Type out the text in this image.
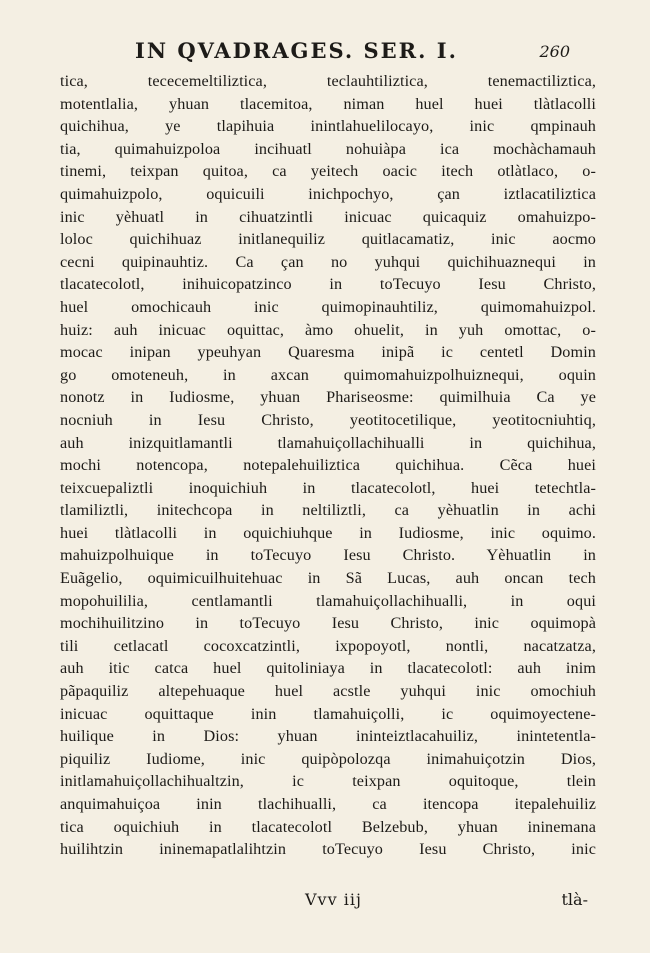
IN QVADRAGES. SER. I.	260
tica, tececemeltiliztica, teclauhtiliztica, tenemactiliztica,
motentlalia, yhuan tlacemitoa, niman huel huei tlàtlacolli
quichihua, ye tlapihuia inintlahuelilocayo, inic qmpinauh
tia, quimahuizpoloa incihuatl nohuiàpa ica mochàchamauh
tinemi, teixpan quitoa, ca yeitech oacic itech otlàtlaco, o-
quimahuizpolo, oquicuili inichpochyo, çan iztlacatiliztica
inic yèhuatl in cihuatzintli inicuac quicaquiz omahuizpo-
loloc quichihuaz initlanequiliz quitlacamatiz, inic aocmo
cecni quipinauhtiz. Ca çan no yuhqui quichihuaznequi in
tlacatecolotl, inihuicopatzinco in toTecuyo Iesu Christo,
huel omochicauh inic quimopinauhtiliz, quimomahuizpol.
huiz: auh inicuac oquittac, àmo ohuelit, in yuh omottac, o-
mocac inipan ypeuhyan Quaresma inipã ic centetl Domin
go omoteneuh, in axcan quimomahuizpolhuiznequi, oquin
nonotz in Iudiosme, yhuan Phariseosme: quimilhuia Ca ye
nocniuh in Iesu Christo, yeotitocetilique, yeotitocniuhtiq,
auh inizquitlamantli tlamahuiçollachihualli in quichihua,
mochi notencopa, notepalehuiliztica quichihua. Cẽca huei
teixcuepaliztli inoquichiuh in tlacatecolotl, huei tetechtla-
tlamiliztli, initechcopa in neltiliztli, ca yèhuatlin in achi
huei tlàtlacolli in oquichiuhque in Iudiosme, inic oquimo.
mahuizpolhuique in toTecuyo Iesu Christo. Yèhuatlin in
Euãgelio, oquimicuilhuitehuac in Sã Lucas, auh oncan tech
mopohuililia, centlamantli tlamahuiçollachihualli, in oqui
mochihuilitzino in toTecuyo Iesu Christo, inic oquimopà
tili cetlacatl cocoxcatzintli, ixpopoyotl, nontli, nacatzatza,
auh itic catca huel quitoliniaya in tlacatecolotl: auh inim
pãpaquiliz altepehuaque huel acstle yuhqui inic omochiuh
inicuac oquittaque inin tlamahuiçolli, ic oquimoyectene-
huilique in Dios: yhuan ininteiztlacahuiliz, inintetentla-
piquiliz Iudiome, inic quipòpolozqa inimahuiçotzin Dios,
initlamahuiçollachihualtzin, ic teixpan oquitoque, tlein
anquimahuiçoa inin tlachihualli, ca itencopa itepalehuiliz
tica oquichiuh in tlacatecolotl Belzebub, yhuan ininemana
huilihtzin ininemapatlalihtzin toTecuyo Iesu Christo, inic
Vvv iij	tlà-
